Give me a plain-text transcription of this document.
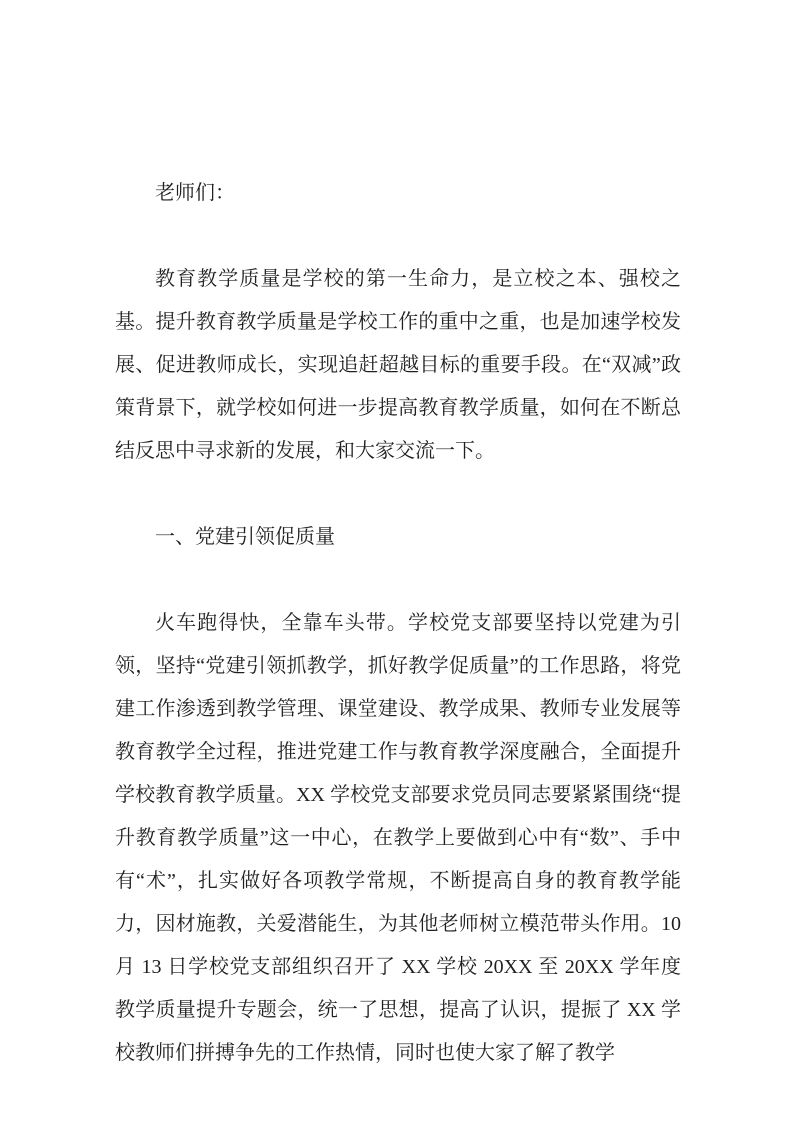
老师们：

教育教学质量是学校的第一生命力，是立校之本、强校之基。提升教育教学质量是学校工作的重中之重，也是加速学校发展、促进教师成长，实现追赶超越目标的重要手段。在“双减”政策背景下，就学校如何进一步提高教育教学质量，如何在不断总结反思中寻求新的发展，和大家交流一下。

一、党建引领促质量

火车跑得快，全靠车头带。学校党支部要坚持以党建为引领，坚持“党建引领抓教学，抓好教学促质量”的工作思路，将党建工作渗透到教学管理、课堂建设、教学成果、教师专业发展等教育教学全过程，推进党建工作与教育教学深度融合，全面提升学校教育教学质量。XX 学校党支部要求党员同志要紧紧围绕“提升教育教学质量”这一中心，在教学上要做到心中有“数”、手中有“术”，扎实做好各项教学常规，不断提高自身的教育教学能力，因材施教，关爱潜能生，为其他老师树立模范带头作用。10 月 13 日学校党支部组织召开了 XX 学校 20XX 至 20XX 学年度教学质量提升专题会，统一了思想，提高了认识，提振了 XX 学校教师们拼搏争先的工作热情，同时也使大家了解了教学
